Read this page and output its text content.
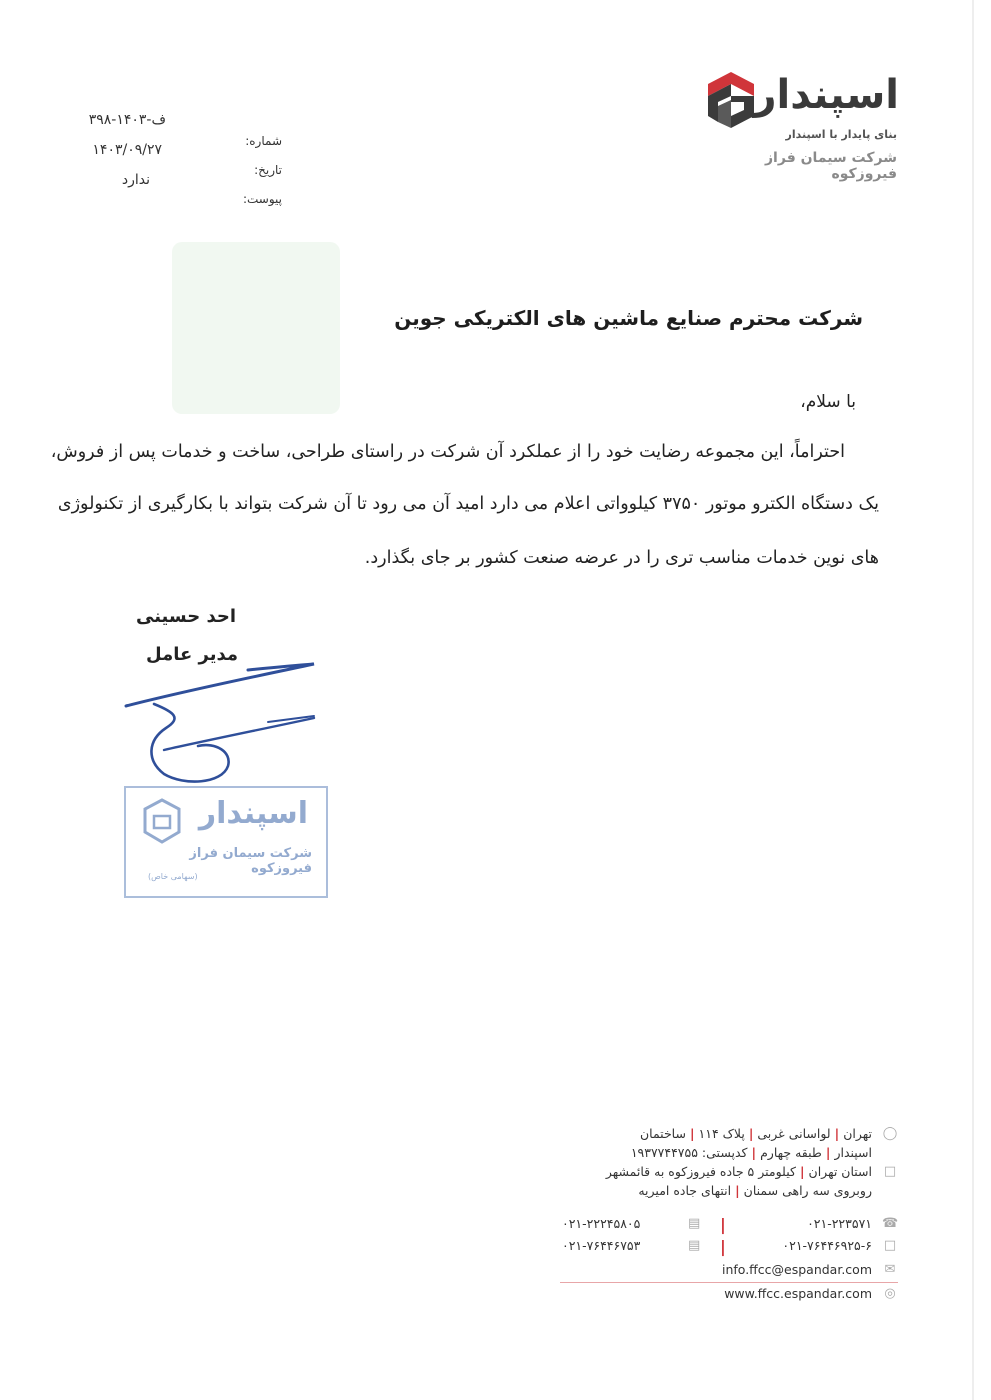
اسپندار
بنای پایدار با اسپندار
شرکت سیمان فراز فیروزکوه
شماره:
تاریخ:
پیوست:
۳۹۸-ف-۱۴۰۳
۱۴۰۳/۰۹/۲۷
ندارد
شرکت محترم صنایع ماشین های الکتریکی جوین
با سلام،
احتراماً، این مجموعه رضایت خود را از عملکرد آن شرکت در راستای طراحی، ساخت و خدمات پس از فروش،
یک دستگاه الکترو موتور ۳۷۵۰ کیلوواتی اعلام می دارد امید آن می رود تا آن شرکت بتواند با بکارگیری از تکنولوژی
های نوین خدمات مناسب تری را در عرضه صنعت کشور بر جای بگذارد.
احد حسینی
مدیر عامل
اسپندار
شرکت سیمان فراز فیروزکوه
(سهامی خاص)
◯
تهران|لواسانی غربی|پلاک ۱۱۴|ساختمان
اسپندار|طبقه چهارم|کدپستی: ۱۹۳۷۷۴۴۷۵۵
□
استان تهران|کیلومتر ۵ جاده فیروزکوه به قائمشهر
روبروی سه راهی سمنان|انتهای جاده امیریه
☎
۰۲۱-۲۲۳۵۷۱
|
▤
۰۲۱-۲۲۲۴۵۸۰۵
□
۰۲۱-۷۶۴۴۶۹۲۵-۶
|
▤
۰۲۱-۷۶۴۴۶۷۵۳
✉
info.ffcc@espandar.com
◎
www.ffcc.espandar.com
